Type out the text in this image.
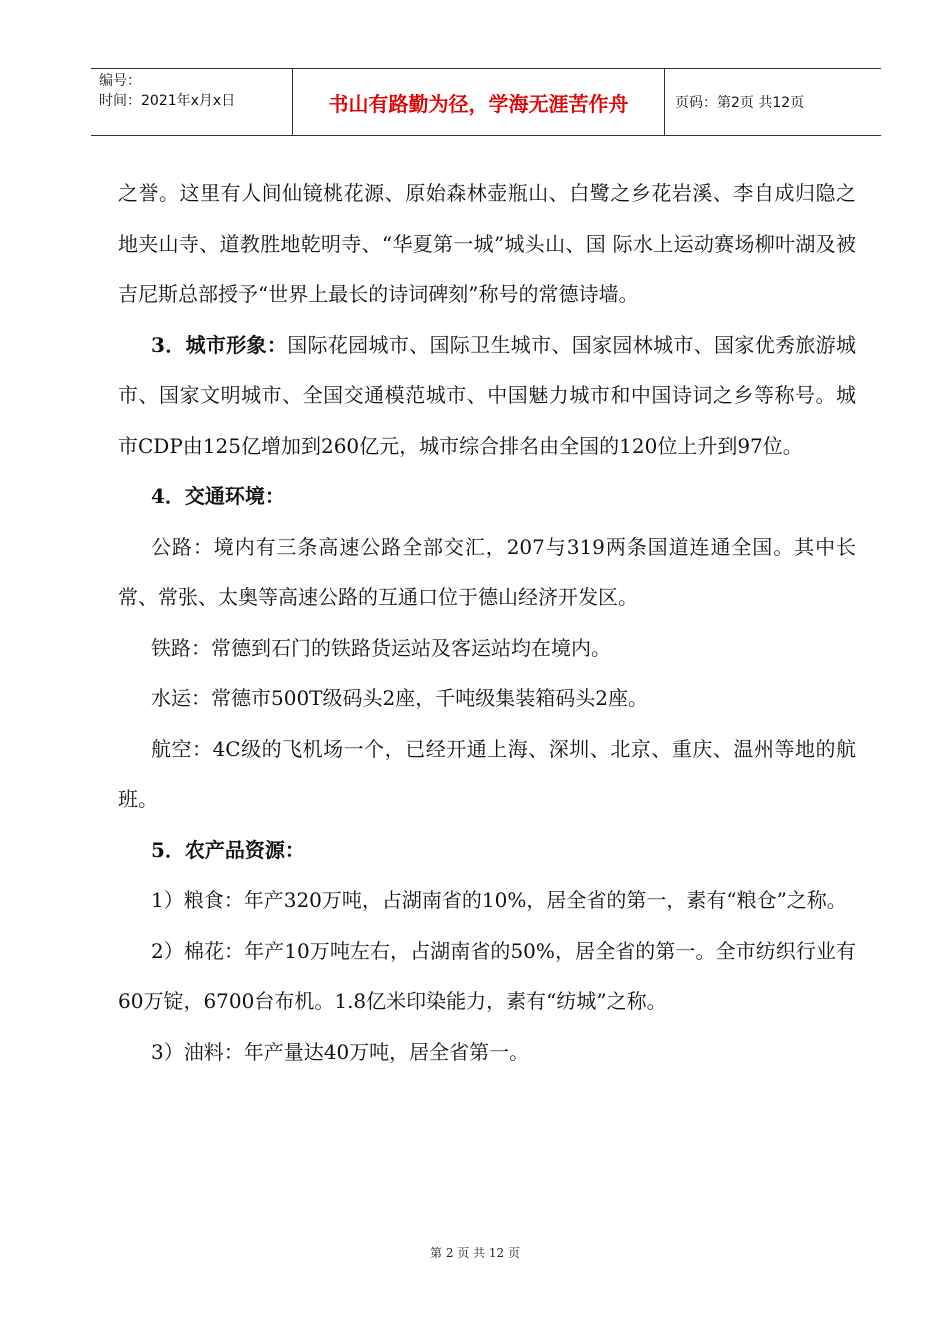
编号：
时间：2021年x月x日	书山有路勤为径，学海无涯苦作舟	页码：第2页 共12页

之誉。这里有人间仙镜桃花源、原始森林壶瓶山、白鹭之乡花岩溪、李自成归隐之地夹山寺、道教胜地乾明寺、“华夏第一城”城头山、国 际水上运动赛场柳叶湖及被吉尼斯总部授予“世界上最长的诗词碑刻”称号的常德诗墙。

3．城市形象：国际花园城市、国际卫生城市、国家园林城市、国家优秀旅游城市、国家文明城市、全国交通模范城市、中国魅力城市和中国诗词之乡等称号。城市CDP由125亿增加到260亿元，城市综合排名由全国的120位上升到97位。

4．交通环境：

公路：境内有三条高速公路全部交汇，207与319两条国道连通全国。其中长常、常张、太奥等高速公路的互通口位于德山经济开发区。

铁路：常德到石门的铁路货运站及客运站均在境内。

水运：常德市500T级码头2座，千吨级集装箱码头2座。

航空：4C级的飞机场一个，已经开通上海、深圳、北京、重庆、温州等地的航班。

5．农产品资源：

1）粮食：年产320万吨，占湖南省的10%，居全省的第一，素有“粮仓”之称。

2）棉花：年产10万吨左右，占湖南省的50%，居全省的第一。全市纺织行业有60万锭，6700台布机。1.8亿米印染能力，素有“纺城”之称。

3）油料：年产量达40万吨，居全省第一。

第 2 页 共 12 页
